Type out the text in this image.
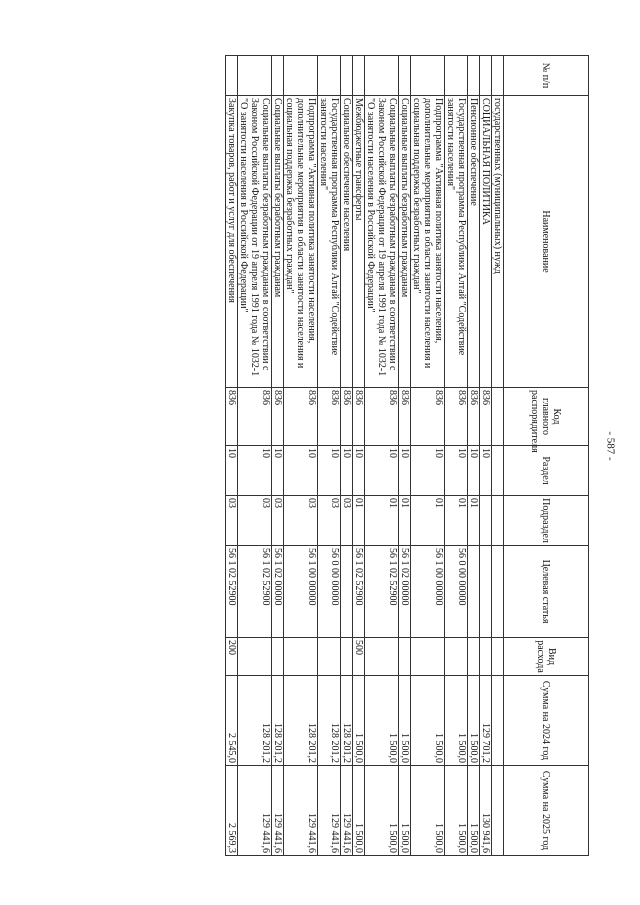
- 587 -
№ п/п	Наименование	Код главного распорядителя	Раздел	Подраздел	Целевая статья	Вид расхода	Сумма на 2024 год	Сумма на 2025 год
	государственных (муниципальных) нужд							
	СОЦИАЛЬНАЯ ПОЛИТИКА	836	10				129 701,2	130 941,6
	Пенсионное обеспечение	836	10	01			1 500,0	1 500,0
	Государственная программа Республики Алтай "Содействие занятости населения"	836	10	01	56 0 00 00000		1 500,0	1 500,0
	Подпрограмма "Активная политика занятости населения, дополнительные мероприятия в области занятости населения и социальная поддержка безработных граждан"	836	10	01	56 1 00 00000		1 500,0	1 500,0
	Социальные выплаты безработным гражданам	836	10	01	56 1 02 00000		1 500,0	1 500,0
	Социальные выплаты безработным гражданам в соответствии с Законом Российской Федерации от 19 апреля 1991 года № 1032-1 "О занятости населения в Российской Федерации"	836	10	01	56 1 02 52900		1 500,0	1 500,0
	Межбюджетные трансферты	836	10	01	56 1 02 52900	500	1 500,0	1 500,0
	Социальное обеспечение населения	836	10	03			128 201,2	129 441,6
	Государственная программа Республики Алтай "Содействие занятости населения"	836	10	03	56 0 00 00000		128 201,2	129 441,6
	Подпрограмма "Активная политика занятости населения, дополнительные мероприятия в области занятости населения и социальная поддержка безработных граждан"	836	10	03	56 1 00 00000		128 201,2	129 441,6
	Социальные выплаты безработным гражданам	836	10	03	56 1 02 00000		128 201,2	129 441,6
	Социальные выплаты безработным гражданам в соответствии с Законом Российской Федерации от 19 апреля 1991 года № 1032-1 "О занятости населения в Российской Федерации"	836	10	03	56 1 02 52900		128 201,2	129 441,6
	Закупка товаров, работ и услуг для обеспечения	836	10	03	56 1 02 52900	200	2 545,0	2 569,3
